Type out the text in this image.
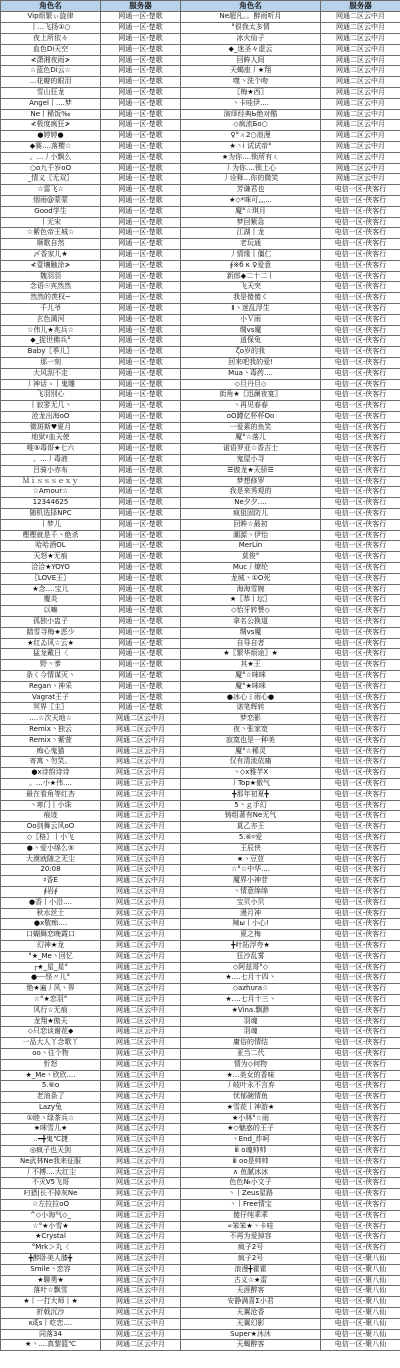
角色名	服务器	角色名	服务器
Vip烦繁ぃ旋律	网通一区-楚歌	Ne超凡。。醉雨听月	网通二区云中月
丨...飞扬①○	网通一区-楚歌	°很我太多情	网通二区云中月
夜上所依々	网通一区-楚歌	冰火仙子	网通二区云中月
血色Di天空	网通一区-楚歌	◆_迷圣々虚云	网通二区云中月
≮潇湘夜雨≯	网通一区-楚歌	回眸人间	网通二区云中月
☆蓝色Di云☆	网通一区-楚歌	天蝎座丿★翔	网通二区云中月
...花瓣的眼泪	网通一区-楚歌	噬丶洗个吻	网通二区云中月
雪山狂龙	网通一区-楚歌	〖梅★西〗	网通二区云中月
Angel丨....梦	网通一区-楚歌	丶卡哇伊....	网通二区云中月
Ne丨稀饭‰	网通一区-楚歌	演绎经典Ь绝对酷	网通二区云中月
≮极度疯狂≯	网通一区-楚歌	◇疯流Бο○	网通二区云中月
●婷婷●	网通一区-楚歌	♀°ㄨ2○浪漫	网通二区云中月
◆赛....落樱☆	网通一区-楚歌	★丶i 试试帝°	网通二区云中月
。...丿小飘么	网通一区-楚歌	★为你....锁所有ㄑ	网通二区云中月
○o九千岁oO	网通一区-楚歌	丿为你....锁上心	网通二区云中月
_情义〖无双〗	网通一区-楚歌	丿诠释...你的微笑	网通二区云中月
☆雷飞☆	网通一区-楚歌	芳谦君也	电信一区-侠客行
烟雨@蒙蒙	网通一区-楚歌	★◇*咪可灬...	电信一区-侠客行
Good学生	网通一区-楚歌	魔°☆琪月	电信一区-侠客行
丨无宋	网通一区-楚歌	梦回紫急	电信一区-侠客行
☆紫色帝王城☆	网通一区-楚歌	江湖丨龙	电信一区-侠客行
顺歌自然	网通一区-楚歌	老玩通	电信一区-侠客行
〆香家儿★	网通一区-楚歌	丿情缘丨僵仁	电信一区-侠客行
≮壹壤触涂≯	网通一区-楚歌	∮※б κ ♀爱意	电信一区-侠客行
魏羽羽	网通一区-楚歌	新郎◆二十二丨	电信一区-侠客行
念语☉宾然然	网通一区-楚歌	飞天突	电信一区-侠客行
然然的羡权~	网通一区-楚歌	我是傻傻く	电信一区-侠客行
千儿爷	网通一区-楚歌	Ⅱ丶迷乱浮生	电信一区-侠客行
玄色満河	网通一区-楚歌	小Ｖ雨	电信一区-侠客行
☆伟儿★兆兵☆	网通一区-楚歌	绸vs魔	电信一区-侠客行
◆_捉世佛兵°	网通一区-楚歌	逍保兔	电信一区-侠客行
Baby〖季儿〗	网通一区-楚歌	ζo岁的我	电信一区-侠客行
那一刻	网通一区-楚歌	回来吧我的爱!	电信一区-侠客行
大风刮不走	网通一区-楚歌	Mua丶毒药....	电信一区-侠客行
丿神话ゝ丨鬼雕	网通一区-楚歌	◇旦丹旦◇	电信一区-侠客行
飞羽別心	网通一区-楚歌	街角★〖迅澜夜宴〗	电信一区-侠客行
丨寂寥无几丶	网通一区-楚歌	丶再见春春	电信一区-侠客行
沧龙出海oO	网通一区-楚歌	oO蹲亿杯杯Oo	电信一区-侠客行
微斑斯♥夏月	网通一区-楚歌	一爱素的鱼笑	电信一区-侠客行
地狱♯血天使	网通一区-楚歌	魔°☆落儿	电信一区-侠客行
唯⑤毒哥★七六	网通一区-楚歌	诺语罗亚☆香吉士	电信一区-侠客行
。...丿毒液	网通一区-楚歌	鬼屋小寻	电信一区-侠客行
吕骑小赤布	网通一区-楚歌	☰傲龙★天骄☰	电信一区-侠客行
Ｍｉｓｓｓｅｘｙ	网通一区-楚歌	梦想修罗	电信一区-侠客行
☆Amour☆	网通一区-楚歌	我是来秀观的	电信一区-侠客行
12344625	网通一区-楚歌	Ne夕夕....	电信一区-侠客行
随机选择NPC	网通一区-楚歌	疯狙固防儿	电信一区-侠客行
丨梦儿	网通一区-楚歌	回眸☆最初	电信一区-侠客行
樫樫就是千丶绝杀	网通一区-楚歌	潮源丶伊怡	电信一区-侠客行
哈哈酒OL	网通一区-楚歌	MerLin	电信一区-侠客行
天怒★无痕	网通一区-楚歌	莫俊°	电信一区-侠客行
洽洽★YOYO	网通一区-楚歌	Muc丿燎纶	电信一区-侠客行
〖LOVE王〗	网通一区-楚歌	龙城丶①Ο死	电信一区-侠客行
★念....宝儿	网通一区-楚歌	海海雪婉	电信一区-侠客行
覆炎	网通一区-楚歌	★〖恭丨坛〗	电信一区-侠客行
以嘛	网通一区-楚歌	◇怡牙转赞◇	电信一区-侠客行
孤独小盅子	网通一区-楚歌	拿名公换道	电信一区-侠客行
踏雪寻梅★恶少	网通一区-楚歌	绸vs魔	电信一区-侠客行
★红ゐ风☆云★	网通一区-楚歌	自导自者	电信一区-侠客行
猛龙戴日〈	网通一区-楚歌	★〖繁华烦途〗★	电信一区-侠客行
野丶爹	网通一区-楚歌	其★王	电信一区-侠客行
条く今情谋灭丶	网通一区-楚歌	魔°☆咪咪	电信一区-侠客行
Regan丶神采	网通一区-楚歌	魔°★咪咪	电信一区-侠客行
Vagrat王子	网通一区-楚歌	●冰心ミ雨心●	电信一区-侠客行
冥界〖主〗	网通一区-楚歌	诺笔辉转	电信一区-侠客行
....☆次天地☆	网通二区云中月	梦恋影	电信一区-侠客行
Remix丶独云	网通二区云中月	夜丶张家宽	电信一区-侠客行
Remix丶紫萱	网通二区云中月	寂寞也是一种美	电信一区-侠客行
痴心鬼猫	网通二区云中月	魔°☆稀灵	电信一区-侠客行
寄寓丶勿笑。	网通二区云中月	仅有清流依痛	电信一区-侠客行
●ⅹ诗韵诗诗	网通二区云中月	丶◇ⅹ雅芊Ⅹ	电信一区-侠客行
。...小★伟....	网通二区云中月	丿Top★傲气	电信一区-侠客行
最在看角等红杏	网通二区云中月	╋那年初夏╋	电信一区-侠客行
丶寒门丨小诛	网通二区云中月	5丶ｇ手幻	电信一区-侠客行
痕迹	网通二区云中月	铸组著有Ne无气	电信一区-侠客行
Oo剑舞云风oO	网通二区云中月	莫乙亦王	电信一区-侠客行
◇〖格〗丨小飞	网通二区云中月	5.⑥♯爱	电信一区-侠客行
●丶爱小绵么⑤	网通二区云中月	王辰侠	电信一区-侠客行
大漠就随之无尘	网通二区云中月	★丶豆荳	电信一区-侠客行
20:08	网通二区云中月	☆°☆中华....	电信一区-侠客行
♯香Ё	网通二区云中月	魔界小神苷	电信一区-侠客行
∮岩∮	网通二区云中月	丶情意绵绵	电信一区-侠客行
●香丨小沿....	网通二区云中月	宝贝小贝	电信一区-侠客行
秋水丝土	网通二区云中月	漫月神	电信一区-侠客行
●ⅹ敬痴....	网通二区云中月	辣ы丨小心!	电信一区-侠客行
口蝴舞恋晚霞口	网通二区云中月	夏之梅	电信一区-侠客行
幻神★龙	网通二区云中月	╋叶拓浮夸★	电信一区-侠客行
°★_Me丶回忆	网通二区云中月	狂沙乱雾	电信一区-侠客行
┌★_星_星°	网通二区云中月	◇阿兹哥°◇	电信一区-侠客行
●┈┈怪〃儿°	网通二区云中月	★....七月十四丶	电信一区-侠客行
绝★遍丿风丶界	网通二区云中月	◇azhura☆	电信一区-侠客行
☆°★恋羽°	网通二区云中月	★....七月十三丶	电信一区-侠客行
风行☆无痕	网通二区云中月	★Vina.飘渺	电信一区-侠客行
龙翔★傲天	网通二区云中月	羽魂	电信一区-侠客行
◇只恋谈谢花◆	网通二区云中月	羽魂	电信一区-侠客行
一品大人丫念歌丫	网通二区云中月	庸俗的情结	电信一区-侠客行
оo丶往个物	网通二区云中月	亚当二代	电信一区-侠客行
忻怒	网通二区云中月	情为◇何物	电信一区-侠客行
★_Me丶欣欣....	网通二区云中月	★...美女的香味	电信一区-侠客行
5.⑥o	网通二区云中月	丿岐叶永不言弃	电信一区-侠客行
老油条了	网通二区云中月	忧郁碗情鱼	电信一区-侠客行
Lazy兔	网通二区云中月	★雪花丨神游★	电信一区-侠客行
①睦丶绿茶兵☆	网通二区云中月	★小林°☆雨	电信一区-侠客行
★咪雪儿★	网通二区云中月	★◇魅惑的王子	电信一区-侠客行
‥━╋鬼℃捷	网通二区云中月	丶End_炸呵	电信一区-侠客行
◎疯子也天剑	网通二区云中月	ⅲ o魂帅帅	电信一区-侠客行
Ne武林Ne我来征服	网通二区云中月	ⅲ oo是帅帅	电信一区-侠客行
丿不搏....大红尘	网通二区云中月	∧ 鱼腻冰冰	电信一区-侠客行
不灭V5飞哥	网通二区云中月	色色№小文子	电信一区-侠客行
叼猎|长不掉灰Ne	网通二区云中月	丶丨Zeus星路	电信一区-侠客行
☆左拉拉oO	网通二区云中月	丶丨Free情宝	电信一区-侠客行
^◇小淘气◇_	网通二区云中月	傻仔纯乖乖	电信一区-侠客行
☆°★小雪★	网通二区云中月	∝笨笨★丶卡哇	电信一区-侠客行
★Crystal	网通二区云中月	不再为爱掉容	电信一区-侠客行
°Mrk＞丸〈	网通二区云中月	疯子2号	电信一区-侠客行
╋醉卧美人膝╋	网通二区云中月	疯子2号	电信一区-聚八仙
Smile丶恋容	网通二区云中月	浪漫╋霍霍	电信一区-聚八仙
★聊勇★	网通二区云中月	古义☆★雷	电信一区-聚八仙
落叶☆飘雪	网通二区云中月	天涯醉客	电信一区-聚八仙
★丨一打大师丨★	网通二区云中月	安静满喜Σ小君	电信一区-聚八仙
折戟沉沙	网通二区云中月	天翼沧香	电信一区-聚八仙
κiξs丨吃恋....	网通二区云中月	天翼幻影	电信一区-聚八仙
同落34	网通二区云中月	Super★沐沐	电信一区-聚八仙
★丶....真黎篮℃	网通二区云中月	天蝎醉客	电信一区-聚八仙
